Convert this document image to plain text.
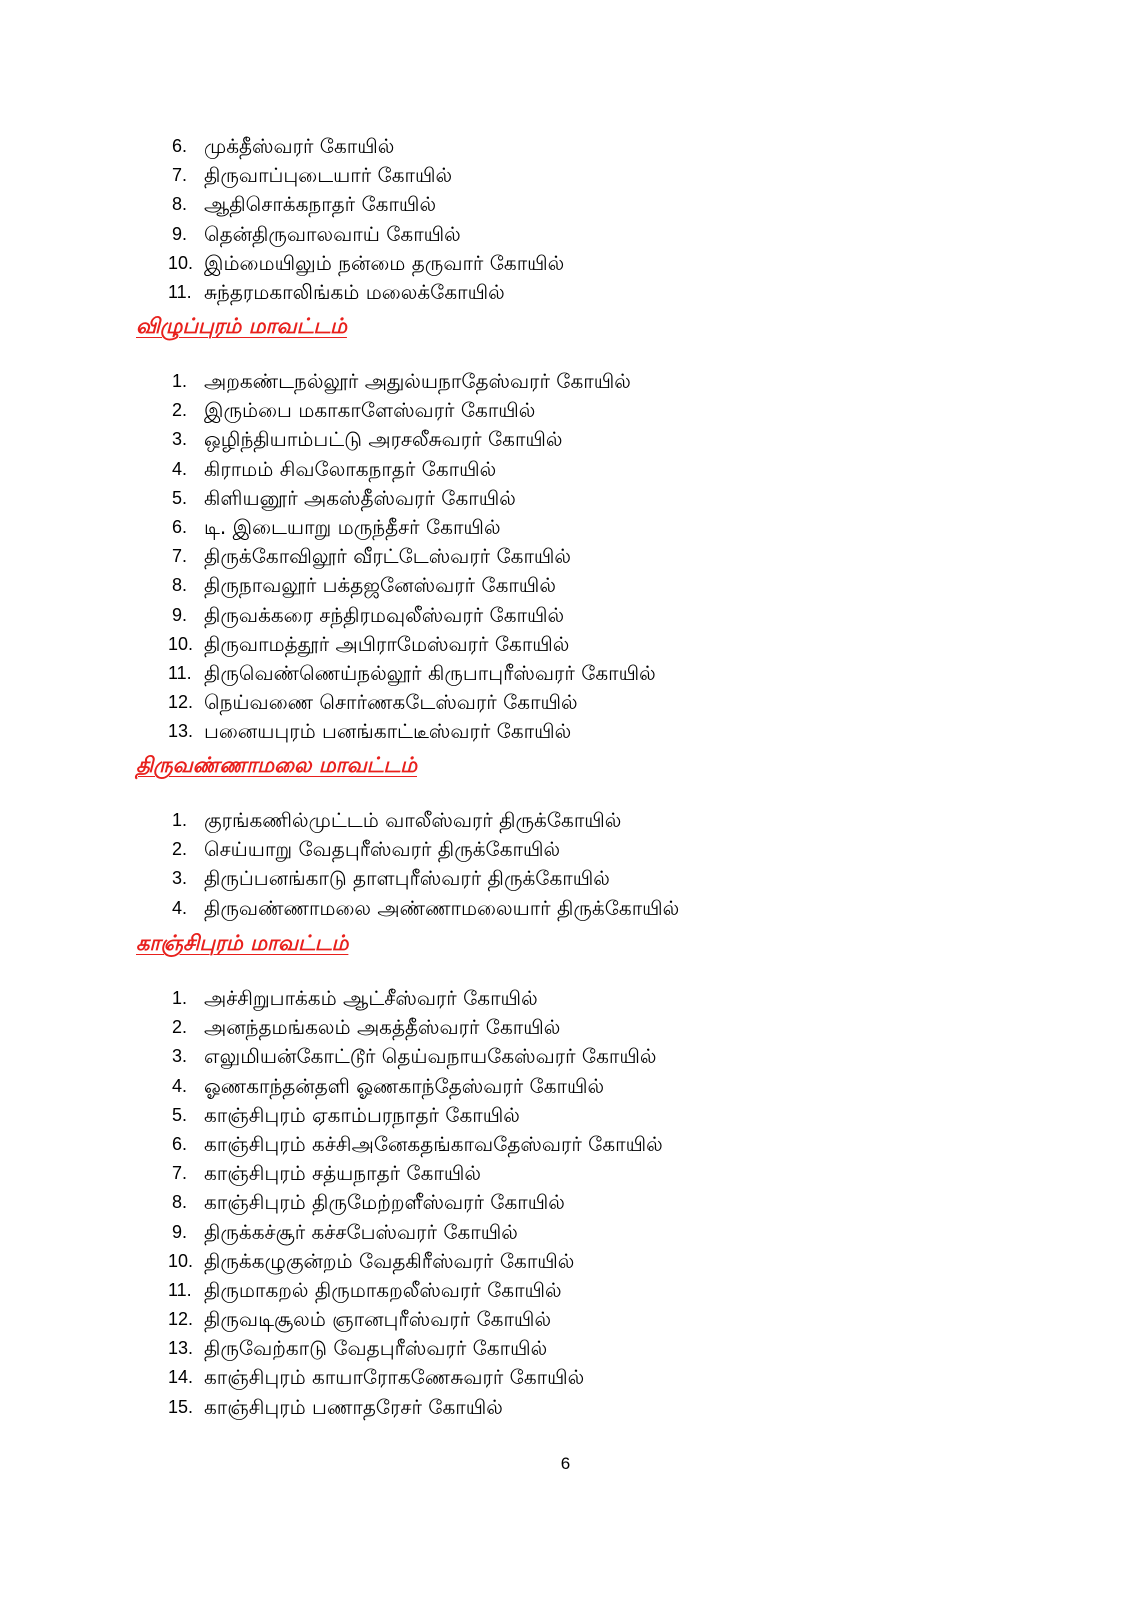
6. முக்தீஸ்வரர் கோயில்
7. திருவாப்புடையார் கோயில்
8. ஆதிசொக்கநாதர் கோயில்
9. தென்திருவாலவாய் கோயில்
10. இம்மையிலும் நன்மை தருவார் கோயில்
11. சுந்தரமகாலிங்கம் மலைக்கோயில்
விழுப்புரம் மாவட்டம்
1. அறகண்டநல்லூர் அதுல்யநாதேஸ்வரர் கோயில்
2. இரும்பை மகாகாளேஸ்வரர் கோயில்
3. ஒழிந்தியாம்பட்டு அரசலீசுவரர் கோயில்
4. கிராமம் சிவலோகநாதர் கோயில்
5. கிளியனூர் அகஸ்தீஸ்வரர் கோயில்
6. டி. இடையாறு மருந்தீசர் கோயில்
7. திருக்கோவிலூர் வீரட்டேஸ்வரர் கோயில்
8. திருநாவலூர் பக்தஜனேஸ்வரர் கோயில்
9. திருவக்கரை சந்திரமவுலீஸ்வரர் கோயில்
10. திருவாமத்தூர் அபிராமேஸ்வரர் கோயில்
11. திருவெண்ணெய்நல்லூர் கிருபாபுரீஸ்வரர் கோயில்
12. நெய்வணை சொர்ணகடேஸ்வரர் கோயில்
13. பனையபுரம் பனங்காட்டீஸ்வரர் கோயில்
திருவண்ணாமலை மாவட்டம்
1. குரங்கணில்முட்டம் வாலீஸ்வரர் திருக்கோயில்
2. செய்யாறு வேதபுரீஸ்வரர் திருக்கோயில்
3. திருப்பனங்காடு தாளபுரீஸ்வரர் திருக்கோயில்
4. திருவண்ணாமலை அண்ணாமலையார் திருக்கோயில்
காஞ்சிபுரம் மாவட்டம்
1. அச்சிறுபாக்கம் ஆட்சீஸ்வரர் கோயில்
2. அனந்தமங்கலம் அகத்தீஸ்வரர் கோயில்
3. எலுமியன்கோட்டூர் தெய்வநாயகேஸ்வரர் கோயில்
4. ஓணகாந்தன்தளி ஓணகாந்தேஸ்வரர் கோயில்
5. காஞ்சிபுரம் ஏகாம்பரநாதர் கோயில்
6. காஞ்சிபுரம் கச்சிஅனேகதங்காவதேஸ்வரர் கோயில்
7. காஞ்சிபுரம் சத்யநாதர் கோயில்
8. காஞ்சிபுரம் திருமேற்றளீஸ்வரர் கோயில்
9. திருக்கச்சூர் கச்சபேஸ்வரர் கோயில்
10. திருக்கழுகுன்றம் வேதகிரீஸ்வரர் கோயில்
11. திருமாகறல் திருமாகறலீஸ்வரர் கோயில்
12. திருவடிசூலம் ஞானபுரீஸ்வரர் கோயில்
13. திருவேற்காடு வேதபுரீஸ்வரர் கோயில்
14. காஞ்சிபுரம் காயாரோகணேசுவரர் கோயில்
15. காஞ்சிபுரம் பணாதரேசர் கோயில்
6
